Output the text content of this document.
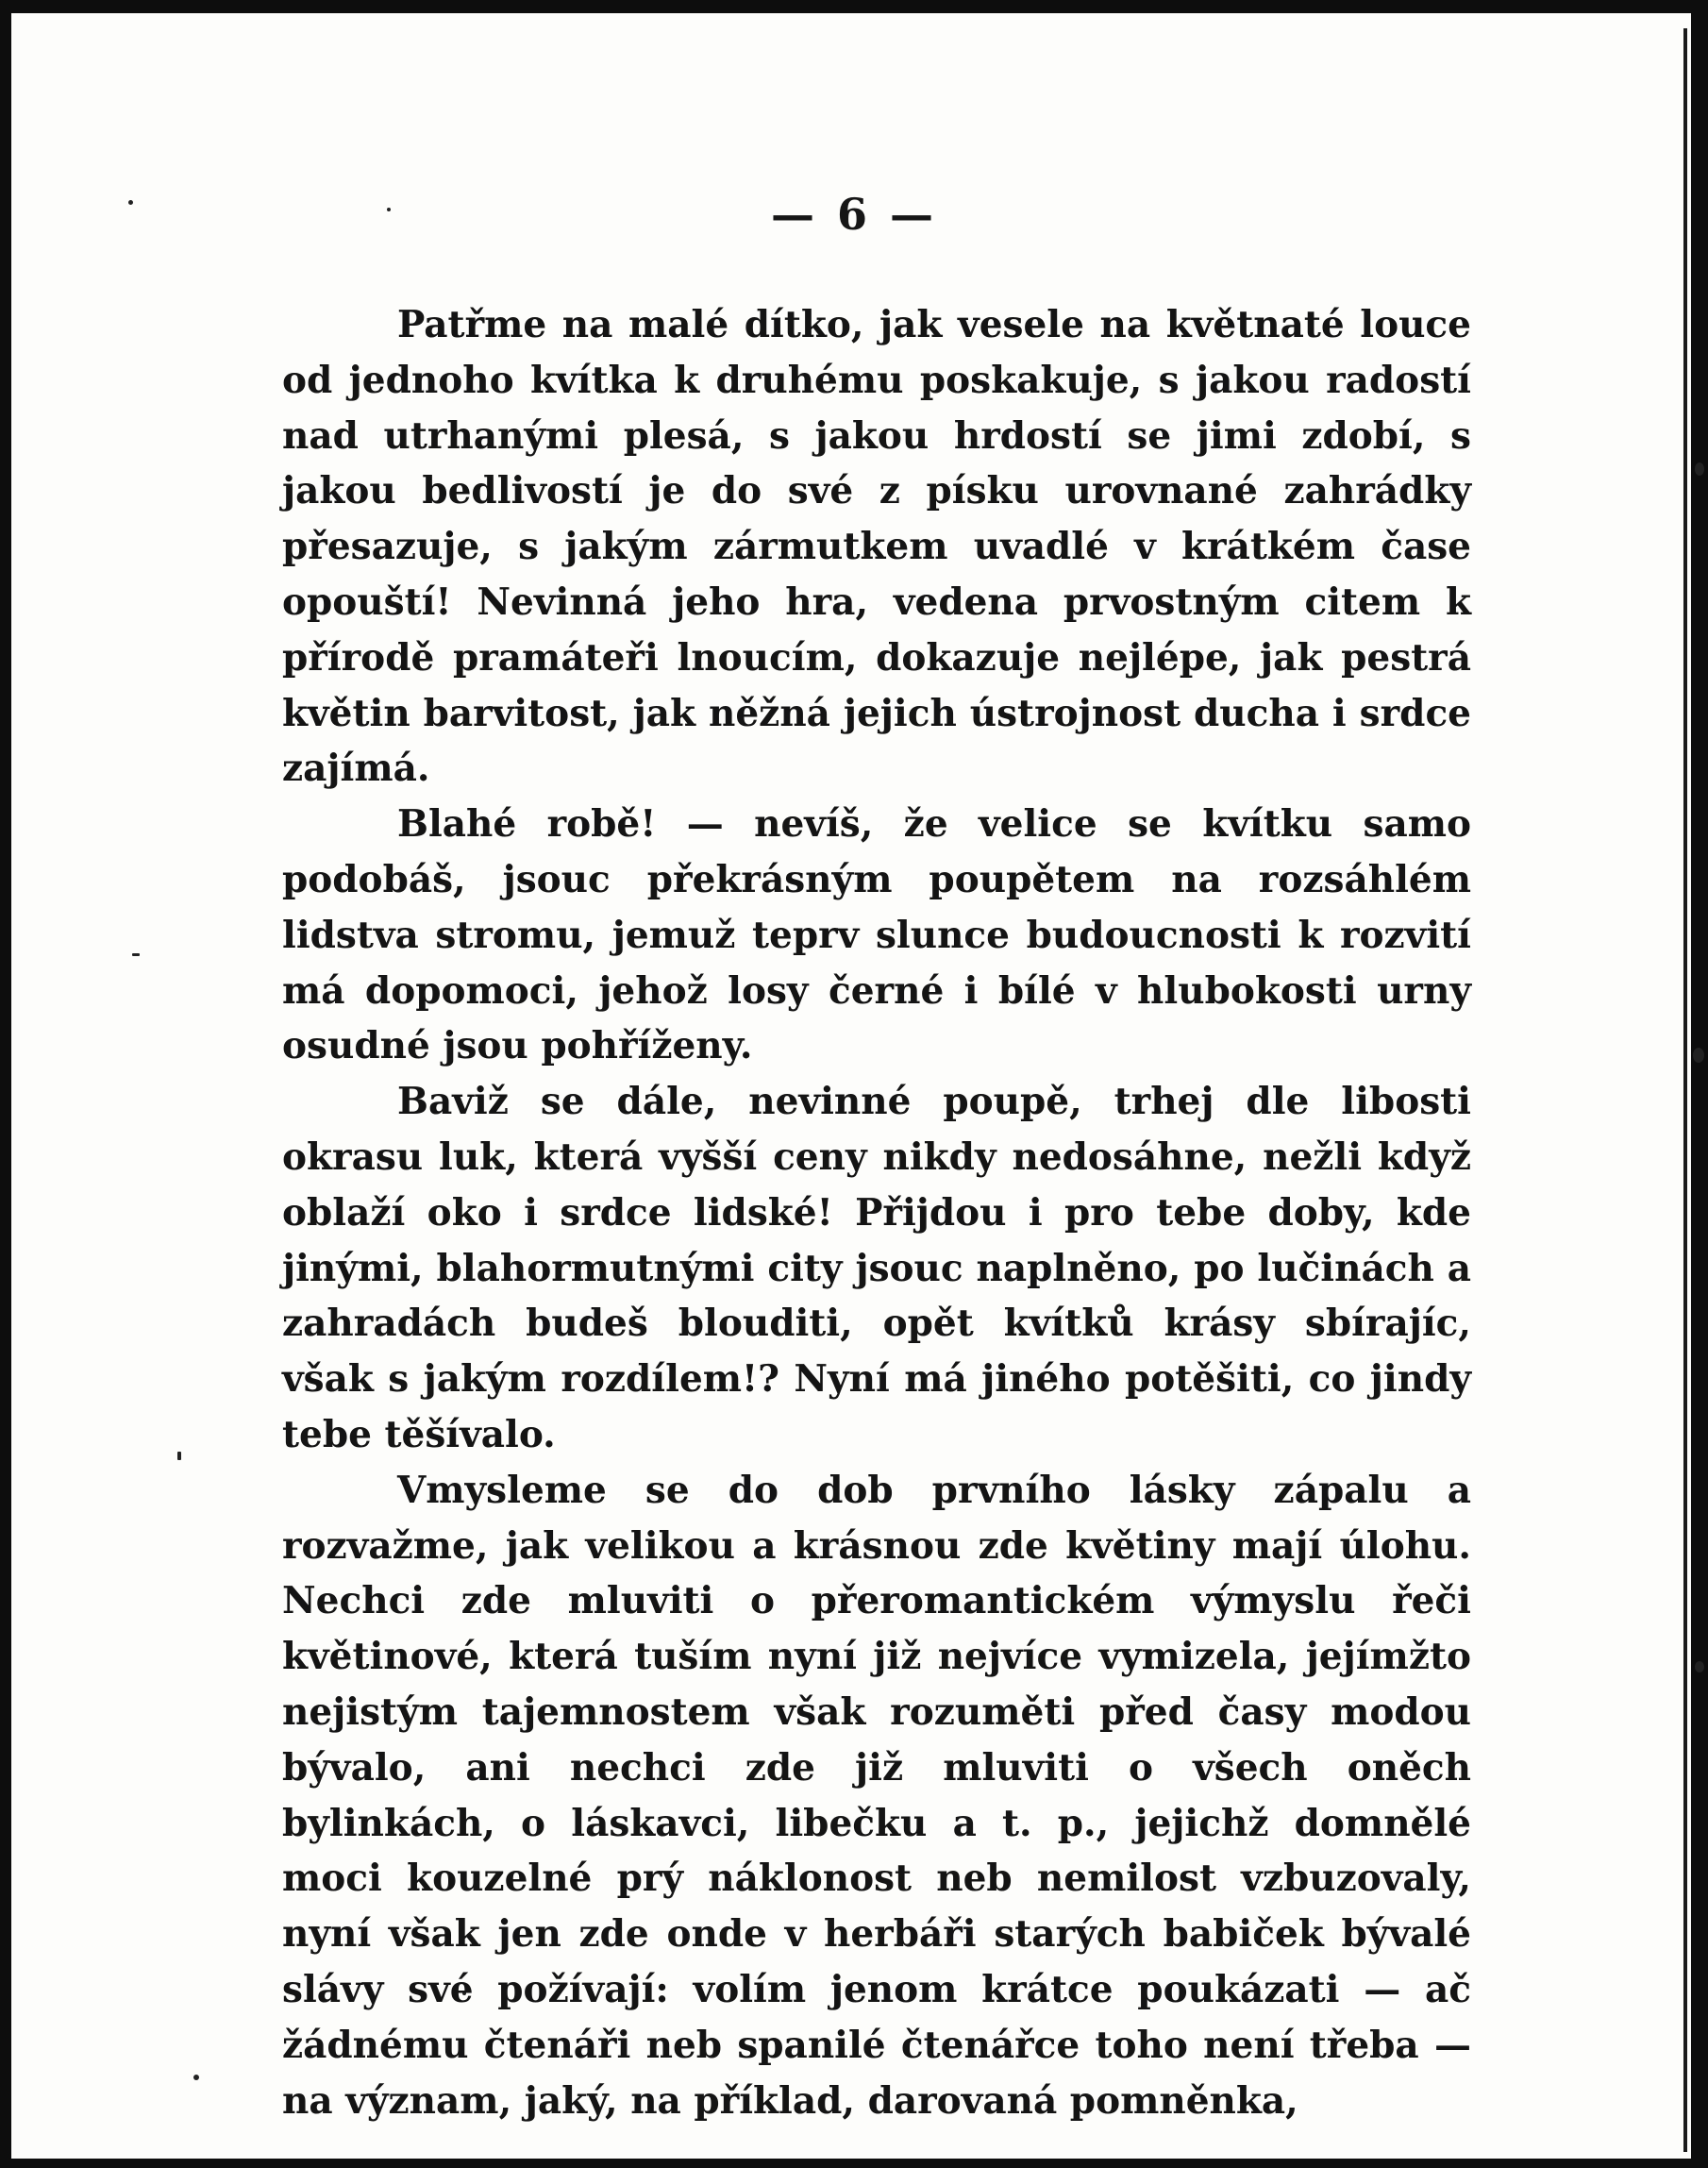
— 6 —

Patřme na malé dítko, jak vesele na květnaté louce od jednoho kvítka k druhému poskakuje, s jakou radostí nad utrhanými plesá, s jakou hrdostí se jimi zdobí, s jakou bedlivostí je do své z písku urovnané zahrádky přesazuje, s jakým zármutkem uvadlé v krátkém čase opouští! Nevinná jeho hra, vedena prvostným citem k přírodě pramáteři lnoucím, dokazuje nejlépe, jak pestrá květin barvitost, jak něžná jejich ústrojnost ducha i srdce zajímá.

Blahé robě! — nevíš, že velice se kvítku samo podobáš, jsouc překrásným poupětem na rozsáhlém lidstva stromu, jemuž teprv slunce budoucnosti k rozvití má dopomoci, jehož losy černé i bílé v hlubokosti urny osudné jsou pohříženy.

Baviž se dále, nevinné poupě, trhej dle libosti okrasu luk, která vyšší ceny nikdy nedosáhne, nežli když oblaží oko i srdce lidské! Přijdou i pro tebe doby, kde jinými, blahormutnými city jsouc naplněno, po lučinách a zahradách budeš blouditi, opět kvítků krásy sbírajíc, však s jakým rozdílem!? Nyní má jiného potěšiti, co jindy tebe těšívalo.

Vmysleme se do dob prvního lásky zápalu a rozvažme, jak velikou a krásnou zde květiny mají úlohu. Nechci zde mluviti o přeromantickém výmyslu řeči květinové, která tuším nyní již nejvíce vymizela, jejímžto nejistým tajemnostem však rozuměti před časy modou bývalo, ani nechci zde již mluviti o všech oněch bylinkách, o láskavci, libečku a t. p., jejichž domnělé moci kouzelné prý náklonost neb nemilost vzbuzovaly, nyní však jen zde onde v herbáři starých babiček bývalé slávy své požívají: volím jenom krátce poukázati — ač žádnému čtenáři neb spanilé čtenářce toho není třeba — na význam, jaký, na příklad, darovaná pomněnka,
